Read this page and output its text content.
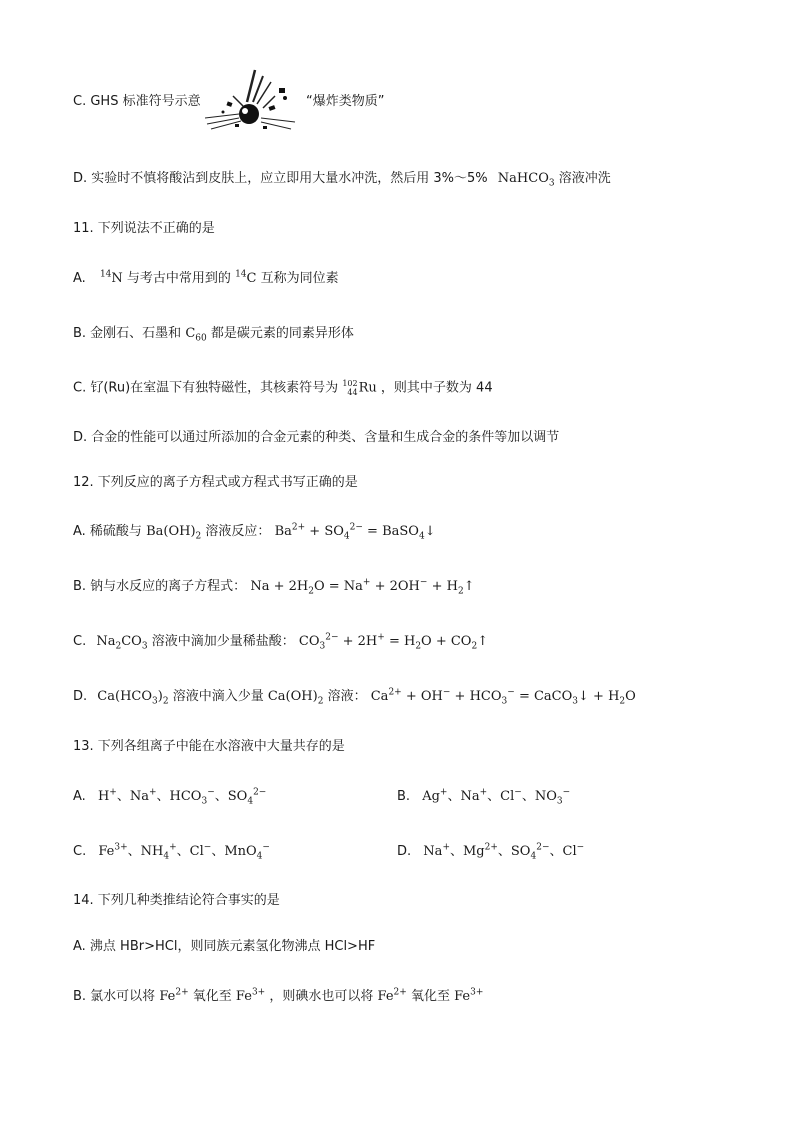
C. GHS 标准符号示意	“爆炸类物质”
D. 实验时不慎将酸沾到皮肤上，应立即用大量水冲洗，然后用 3%～5% NaHCO$_3$ 溶液冲洗
11. 下列说法不正确的是
A. $^{14}$N 与考古中常用到的 $^{14}$C 互称为同位素
B. 金刚石、石墨和 $C_{60}$ 都是碳元素的同素异形体
C. 钌(Ru)在室温下有独特磁性，其核素符号为 102
44Ru ，则其中子数为 44
D. 合金的性能可以通过所添加的合金元素的种类、含量和生成合金的条件等加以调节
12. 下列反应的离子方程式或方程式书写正确的是
A. 稀硫酸与 $Ba(OH)_2$ 溶液反应： $Ba^{2+} + SO_4^{2-}$ = BaSO$_4$↓
B. 钠与水反应的离子方程式： $Na + 2H_2O = Na^+ + 2OH^-$ + $H_2↑$
C. $Na_2CO_3$ 溶液中滴加少量稀盐酸： $CO_3^{2-} + 2H^+ = H_2O$ + $CO_2↑$
D. $Ca(HCO_3)_2$ 溶液中滴入少量 $Ca(OH)_2$ 溶液： $Ca^{2+} + OH^- + HCO_3^-$ = CaCO$_3$↓ + $H_2O$
13. 下列各组离子中能在水溶液中大量共存的是
A. H+、Na+、$HCO_3^-$、$SO_4^{2-}$	B. Ag+、Na+、Cl−、$NO_3^-$
C. $Fe^{3+}$、$NH_4^+$、Cl−、MnO$_4$−	D. Na+、$Mg^{2+}$、$SO_4^{2-}$、Cl−
14. 下列几种类推结论符合事实的是
A. 沸点 HBr>HCl，则同族元素氢化物沸点 HCl>HF
B. 氯水可以将 $Fe^{2+}$ 氧化至 $Fe^{3+}$ ，则碘水也可以将 $Fe^{2+}$ 氧化至 $Fe^{3+}$
